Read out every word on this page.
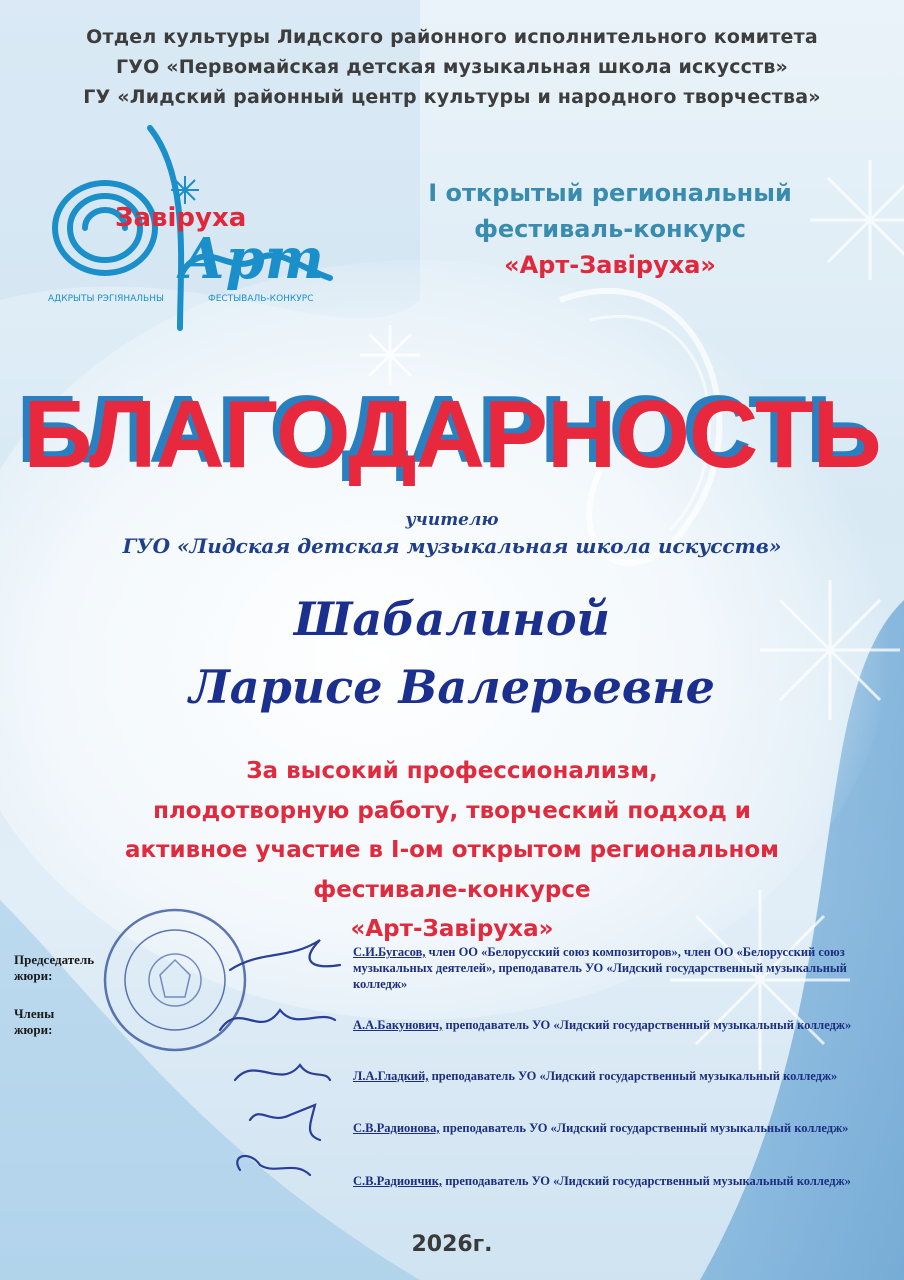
Отдел культуры Лидского районного исполнительного комитета
ГУО «Первомайская детская музыкальная школа искусств»
ГУ «Лидский районный центр культуры и народного творчества»
Завіруха
Арт
АДКРЫТЫ РЭГІЯНАЛЬНЫ	ФЕСТЫВАЛЬ-КОНКУРС
I открытый региональный
фестиваль-конкурс
«Арт-Завiруха»
БЛАГОДАРНОСТЬ
учителю
ГУО «Лидская детская музыкальная школа искусств»
Шабалиной
Ларисе Валерьевне
За высокий профессионализм,
плодотворную работу, творческий подход и
активное участие в I-ом открытом региональном
фестивале-конкурсе
«Арт-Завiруха»
Председатель
жюри:
Члены
жюри:
С.И.Бугасов, член ОО «Белорусский союз композиторов», член ОО «Белорусский союз музыкальных деятелей», преподаватель УО «Лидский государственный музыкальный колледж»
А.А.Бакунович, преподаватель УО «Лидский государственный музыкальный колледж»
Л.А.Гладкий, преподаватель УО «Лидский государственный музыкальный колледж»
С.В.Радионова, преподаватель УО «Лидский государственный музыкальный колледж»
С.В.Радиончик, преподаватель УО «Лидский государственный музыкальный колледж»
2026г.
